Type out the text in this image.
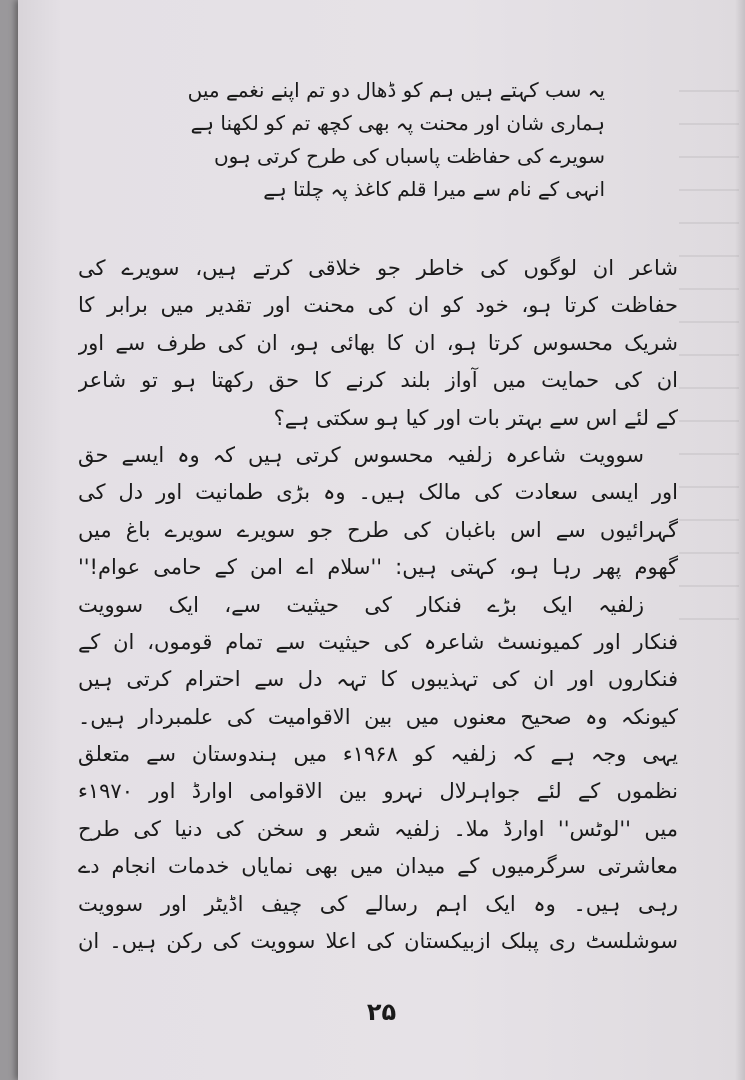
یہ سب کہتے ہیں ہم کو ڈھال دو تم اپنے نغمے میں
ہماری شان اور محنت پہ بھی کچھ تم کو لکھنا ہے
سویرے کی حفاظت پاسباں کی طرح کرتی ہوں
انہی کے نام سے میرا قلم کاغذ پہ چلتا ہے
شاعر ان لوگوں کی خاطر جو خلاقی کرتے ہیں، سویرے کی
حفاظت کرتا ہو، خود کو ان کی محنت اور تقدیر میں برابر کا
شریک محسوس کرتا ہو، ان کا بھائی ہو، ان کی طرف سے اور
ان کی حمایت میں آواز بلند کرنے کا حق رکھتا ہو تو شاعر
کے لئے اس سے بہتر بات اور کیا ہو سکتی ہے؟
سوویت شاعرہ زلفیہ محسوس کرتی ہیں کہ وہ ایسے حق
اور ایسی سعادت کی مالک ہیں۔ وہ بڑی طمانیت اور دل کی
گہرائیوں سے اس باغبان کی طرح جو سویرے سویرے باغ میں
گھوم پھر رہا ہو، کہتی ہیں: ''سلام اے امن کے حامی عوام!''
زلفیہ ایک بڑے فنکار کی حیثیت سے، ایک سوویت
فنکار اور کمیونسٹ شاعرہ کی حیثیت سے تمام قوموں، ان کے
فنکاروں اور ان کی تہذیبوں کا تہہ دل سے احترام کرتی ہیں
کیونکہ وہ صحیح معنوں میں بین الاقوامیت کی علمبردار ہیں۔
یہی وجہ ہے کہ زلفیہ کو ۱۹۶۸ء میں ہندوستان سے متعلق
نظموں کے لئے جواہرلال نہرو بین الاقوامی اوارڈ اور ۱۹۷۰ء
میں ''لوٹس'' اوارڈ ملا۔ زلفیہ شعر و سخن کی دنیا کی طرح
معاشرتی سرگرمیوں کے میدان میں بھی نمایاں خدمات انجام دے
رہی ہیں۔ وہ ایک اہم رسالے کی چیف اڈیٹر اور سوویت
سوشلسٹ ری پبلک ازبیکستان کی اعلا سوویت کی رکن ہیں۔ ان
۲۵
